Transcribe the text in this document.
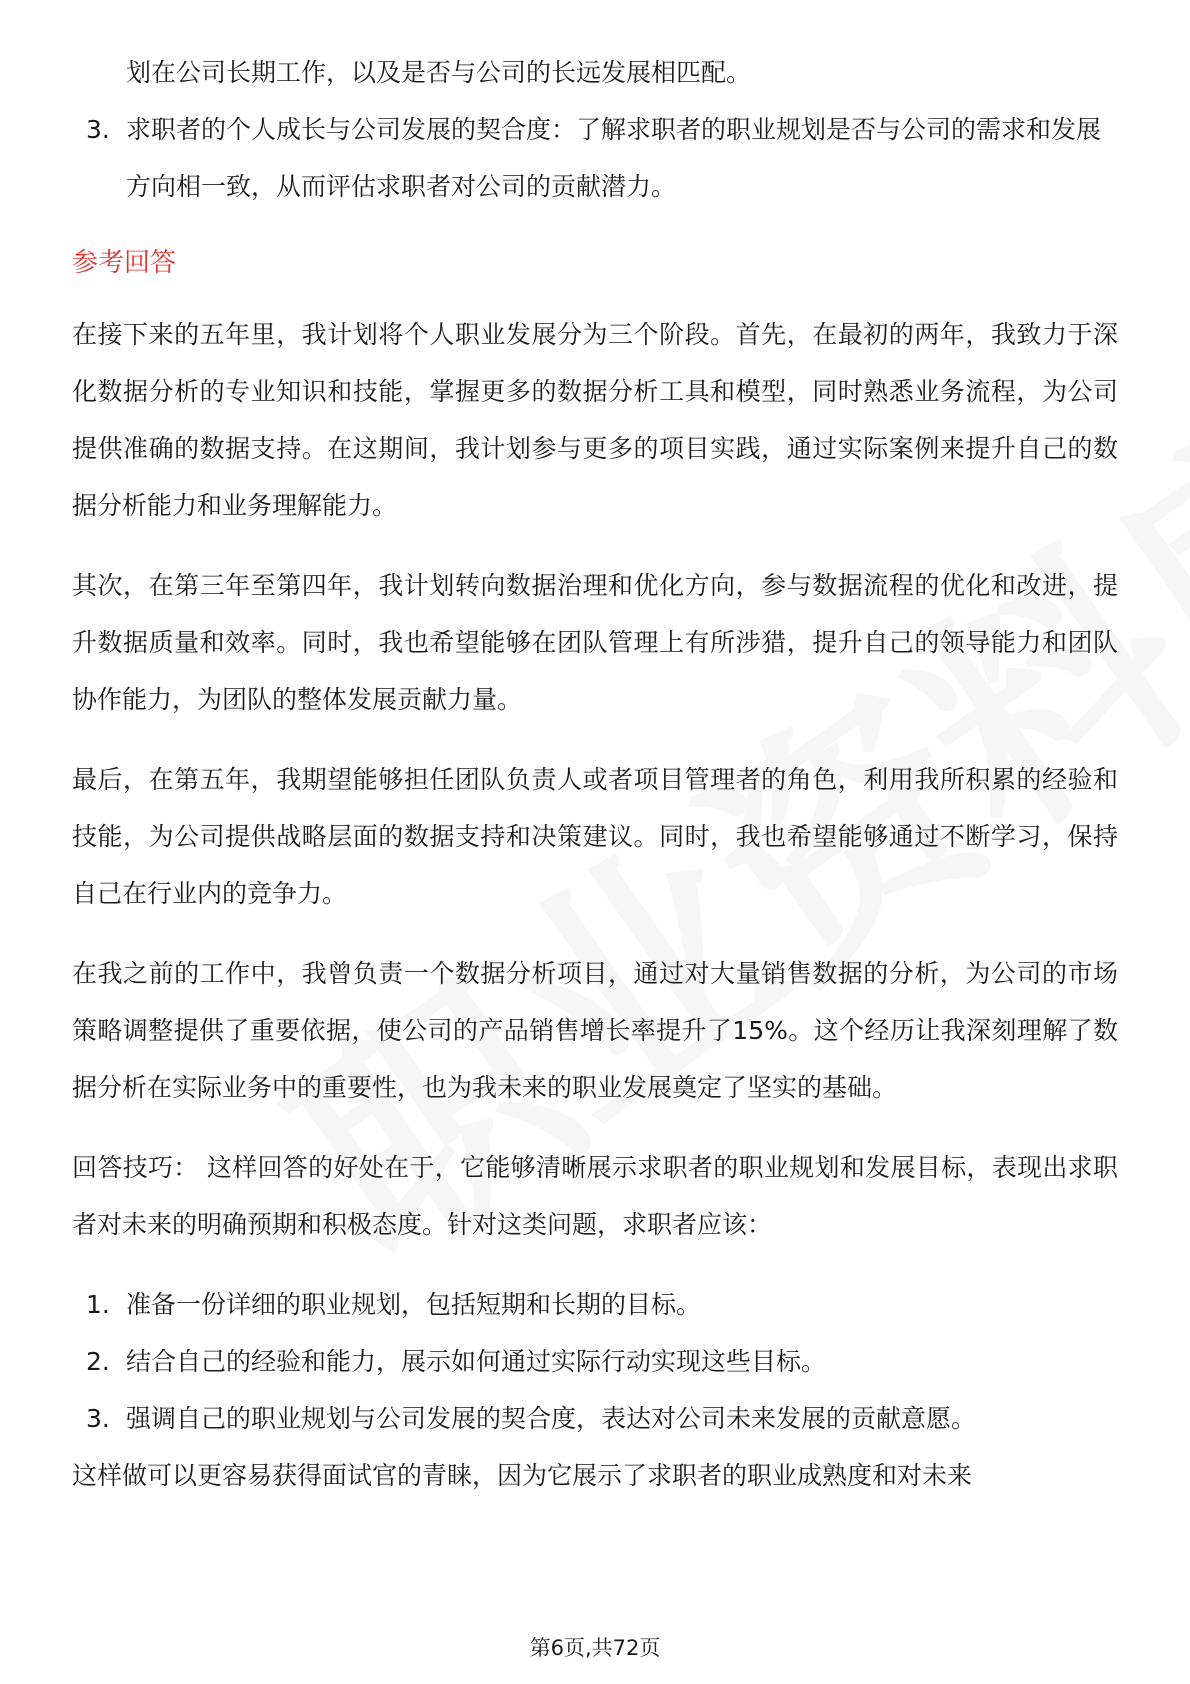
划在公司长期工作，以及是否与公司的长远发展相匹配。
3. 求职者的个人成长与公司发展的契合度：了解求职者的职业规划是否与公司的需求和发展方向相一致，从而评估求职者对公司的贡献潜力。
参考回答

在接下来的五年里，我计划将个人职业发展分为三个阶段。首先，在最初的两年，我致力于深化数据分析的专业知识和技能，掌握更多的数据分析工具和模型，同时熟悉业务流程，为公司提供准确的数据支持。在这期间，我计划参与更多的项目实践，通过实际案例来提升自己的数据分析能力和业务理解能力。

其次，在第三年至第四年，我计划转向数据治理和优化方向，参与数据流程的优化和改进，提升数据质量和效率。同时，我也希望能够在团队管理上有所涉猎，提升自己的领导能力和团队协作能力，为团队的整体发展贡献力量。

最后，在第五年，我期望能够担任团队负责人或者项目管理者的角色，利用我所积累的经验和技能，为公司提供战略层面的数据支持和决策建议。同时，我也希望能够通过不断学习，保持自己在行业内的竞争力。

在我之前的工作中，我曾负责一个数据分析项目，通过对大量销售数据的分析，为公司的市场策略调整提供了重要依据，使公司的产品销售增长率提升了15%。这个经历让我深刻理解了数据分析在实际业务中的重要性，也为我未来的职业发展奠定了坚实的基础。

回答技巧： 这样回答的好处在于，它能够清晰展示求职者的职业规划和发展目标，表现出求职者对未来的明确预期和积极态度。针对这类问题，求职者应该：

1. 准备一份详细的职业规划，包括短期和长期的目标。
2. 结合自己的经验和能力，展示如何通过实际行动实现这些目标。
3. 强调自己的职业规划与公司发展的契合度，表达对公司未来发展的贡献意愿。

这样做可以更容易获得面试官的青睐，因为它展示了求职者的职业成熟度和对未来

第6页,共72页
